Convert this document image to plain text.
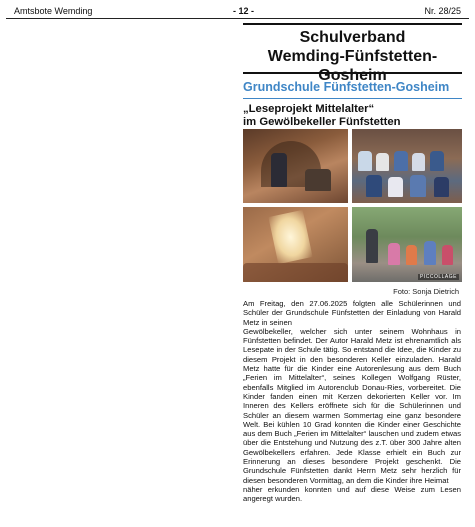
Amtsbote Wemding	- 12 -	Nr. 28/25
Schulverband
Wemding-Fünfstetten-Gosheim
Grundschule Fünfstetten-Gosheim
„Leseprojekt Mittelalter“
im Gewölbekeller Fünfstetten
PICCOLLAGE
Foto: Sonja Dietrich

Am Freitag, den 27.06.2025 folgten alle Schülerinnen und Schüler der Grundschule Fünfstetten der Einladung von Harald Metz in seinen

Gewölbekeller, welcher sich unter seinem Wohnhaus in Fünfstetten befindet. Der Autor Harald Metz ist ehrenamtlich als Lesepate in der Schule tätig. So entstand die Idee, die Kinder zu diesem Projekt in den besonderen Keller einzuladen. Harald Metz hatte für die Kinder eine Autorenlesung aus dem Buch „Ferien im Mittelalter“, seines Kollegen Wolfgang Rüster, ebenfalls Mitglied im Autorenclub Donau-Ries, vorbereitet. Die Kinder fanden einen mit Kerzen dekorierten Keller vor. Im Inneren des Kellers eröffnete sich für die Schülerinnen und Schüler an diesem warmen Sommertag eine ganz besondere Welt. Bei kühlen 10 Grad konnten die Kinder einer Geschichte aus dem Buch „Ferien im Mittelalter“ lauschen und zudem etwas über die Entstehung und Nutzung des z.T. über 300 Jahre alten Gewölbekellers erfahren. Jede Klasse erhielt ein Buch zur Erinnerung an dieses besondere Projekt geschenkt. Die Grundschule Fünfstetten dankt Herrn Metz sehr herzlich für diesen besonderen Vormittag, an dem die Kinder ihre Heimat

näher erkunden konnten und auf diese Weise zum Lesen angeregt wurden.
